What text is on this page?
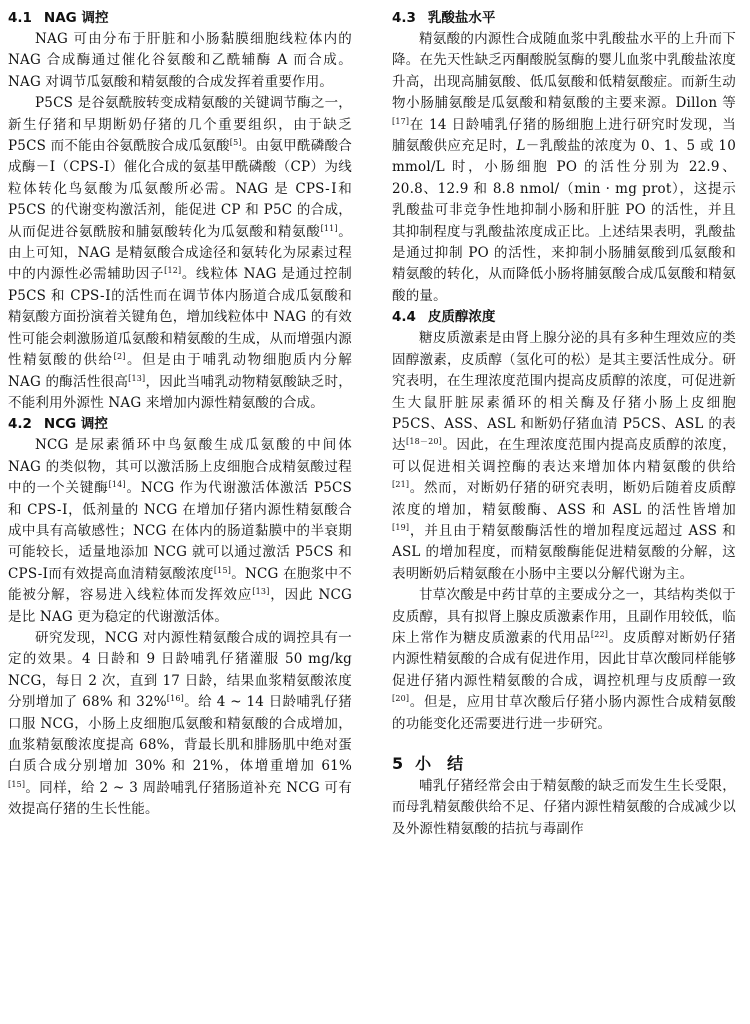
4.1 NAG 调控

NAG 可由分布于肝脏和小肠黏膜细胞线粒体内的 NAG 合成酶通过催化谷氨酸和乙酰辅酶 A 而合成。NAG 对调节瓜氨酸和精氨酸的合成发挥着重要作用。

P5CS 是谷氨酰胺转变成精氨酸的关键调节酶之一，新生仔猪和早期断奶仔猪的几个重要组织，由于缺乏 P5CS 而不能由谷氨酰胺合成瓜氨酸[5]。由氨甲酰磷酸合成酶－Ⅰ（CPS-Ⅰ）催化合成的氨基甲酰磷酸（CP）为线粒体转化鸟氨酸为瓜氨酸所必需。NAG 是 CPS-Ⅰ和 P5CS 的代谢变构激活剂，能促进 CP 和 P5C 的合成，从而促进谷氨酰胺和脯氨酸转化为瓜氨酸和精氨酸[11]。由上可知，NAG 是精氨酸合成途径和氨转化为尿素过程中的内源性必需辅助因子[12]。线粒体 NAG 是通过控制 P5CS 和 CPS-Ⅰ的活性而在调节体内肠道合成瓜氨酸和精氨酸方面扮演着关键角色，增加线粒体中 NAG 的有效性可能会刺激肠道瓜氨酸和精氨酸的生成，从而增强内源性精氨酸的供给[2]。但是由于哺乳动物细胞质内分解 NAG 的酶活性很高[13]，因此当哺乳动物精氨酸缺乏时，不能利用外源性 NAG 来增加内源性精氨酸的合成。

4.2 NCG 调控

NCG 是尿素循环中鸟氨酸生成瓜氨酸的中间体 NAG 的类似物，其可以激活肠上皮细胞合成精氨酸过程中的一个关键酶[14]。NCG 作为代谢激活体激活 P5CS 和 CPS-Ⅰ，低剂量的 NCG 在增加仔猪内源性精氨酸合成中具有高敏感性；NCG 在体内的肠道黏膜中的半衰期可能较长，适量地添加 NCG 就可以通过激活 P5CS 和 CPS-Ⅰ而有效提高血清精氨酸浓度[15]。NCG 在胞浆中不能被分解，容易进入线粒体而发挥效应[13]，因此 NCG 是比 NAG 更为稳定的代谢激活体。

研究发现，NCG 对内源性精氨酸合成的调控具有一定的效果。4 日龄和 9 日龄哺乳仔猪灌服 50 mg/kg NCG，每日 2 次，直到 17 日龄，结果血浆精氨酸浓度分别增加了 68% 和 32%[16]。给 4 ~ 14 日龄哺乳仔猪口服 NCG，小肠上皮细胞瓜氨酸和精氨酸的合成增加，血浆精氨酸浓度提高 68%，背最长肌和腓肠肌中绝对蛋白质合成分别增加 30% 和 21%，体增重增加 61%[15]。同样，给 2 ~ 3 周龄哺乳仔猪肠道补充 NCG 可有效提高仔猪的生长性能。

4.3 乳酸盐水平

精氨酸的内源性合成随血浆中乳酸盐水平的上升而下降。在先天性缺乏丙酮酸脱氢酶的婴儿血浆中乳酸盐浓度升高，出现高脯氨酸、低瓜氨酸和低精氨酸症。而新生动物小肠脯氨酸是瓜氨酸和精氨酸的主要来源。Dillon 等[17]在 14 日龄哺乳仔猪的肠细胞上进行研究时发现，当脯氨酸供应充足时，L－乳酸盐的浓度为 0、1、5 或 10 mmol/L 时，小肠细胞 PO 的活性分别为 22.9、20.8、12.9 和 8.8 nmol/（min · mg prot），这提示乳酸盐可非竞争性地抑制小肠和肝脏 PO 的活性，并且其抑制程度与乳酸盐浓度成正比。上述结果表明，乳酸盐是通过抑制 PO 的活性，来抑制小肠脯氨酸到瓜氨酸和精氨酸的转化，从而降低小肠将脯氨酸合成瓜氨酸和精氨酸的量。

4.4 皮质醇浓度

糖皮质激素是由肾上腺分泌的具有多种生理效应的类固醇激素，皮质醇（氢化可的松）是其主要活性成分。研究表明，在生理浓度范围内提高皮质醇的浓度，可促进新生大鼠肝脏尿素循环的相关酶及仔猪小肠上皮细胞 P5CS、ASS、ASL 和断奶仔猪血清 P5CS、ASL 的表达[18－20]。因此，在生理浓度范围内提高皮质醇的浓度，可以促进相关调控酶的表达来增加体内精氨酸的供给[21]。然而，对断奶仔猪的研究表明，断奶后随着皮质醇浓度的增加，精氨酸酶、ASS 和 ASL 的活性皆增加[19]，并且由于精氨酸酶活性的增加程度远超过 ASS 和 ASL 的增加程度，而精氨酸酶能促进精氨酸的分解，这表明断奶后精氨酸在小肠中主要以分解代谢为主。

甘草次酸是中药甘草的主要成分之一，其结构类似于皮质醇，具有拟肾上腺皮质激素作用，且副作用较低，临床上常作为糖皮质激素的代用品[22]。皮质醇对断奶仔猪内源性精氨酸的合成有促进作用，因此甘草次酸同样能够促进仔猪内源性精氨酸的合成，调控机理与皮质醇一致[20]。但是，应用甘草次酸后仔猪小肠内源性合成精氨酸的功能变化还需要进行进一步研究。

5 小　结

哺乳仔猪经常会由于精氨酸的缺乏而发生生长受限，而母乳精氨酸供给不足、仔猪内源性精氨酸的合成减少以及外源性精氨酸的拮抗与毒副作
